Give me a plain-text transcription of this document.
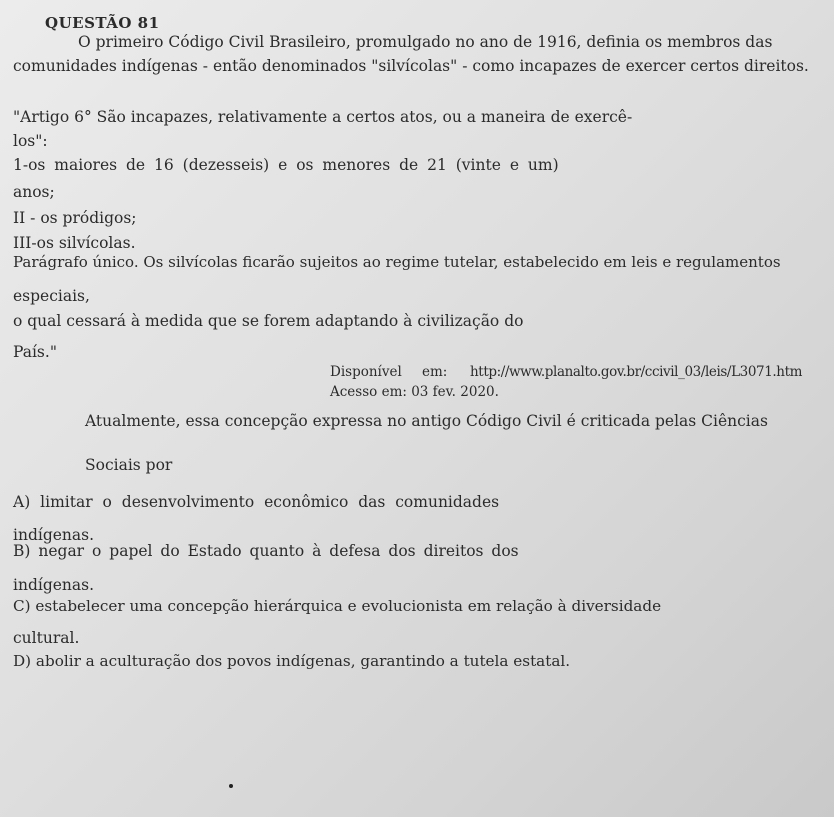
QUESTÃO 81
O primeiro Código Civil Brasileiro, promulgado no ano de 1916, definia os membros das
comunidades indígenas - então denominados "silvícolas" - como incapazes de exercer certos direitos.
"Artigo 6° São incapazes, relativamente a certos atos, ou a maneira de exercê-
los":
1-os maiores de 16 (dezesseis) e os menores de 21 (vinte e um)
anos;
II - os pródigos;
III-os silvícolas.
Parágrafo único. Os silvícolas ficarão sujeitos ao regime tutelar, estabelecido em leis e regulamentos
especiais,
o qual cessará à medida que se forem adaptando à civilização do
País."
Disponível em: http://www.planalto.gov.br/ccivil_03/leis/L3071.htm
Acesso em: 03 fev. 2020.
Atualmente, essa concepção expressa no antigo Código Civil é criticada pelas Ciências
Sociais por
A) limitar o desenvolvimento econômico das comunidades
indígenas.
B) negar o papel do Estado quanto à defesa dos direitos dos
indígenas.
C) estabelecer uma concepção hierárquica e evolucionista em relação à diversidade
cultural.
D) abolir a aculturação dos povos indígenas, garantindo a tutela estatal.
